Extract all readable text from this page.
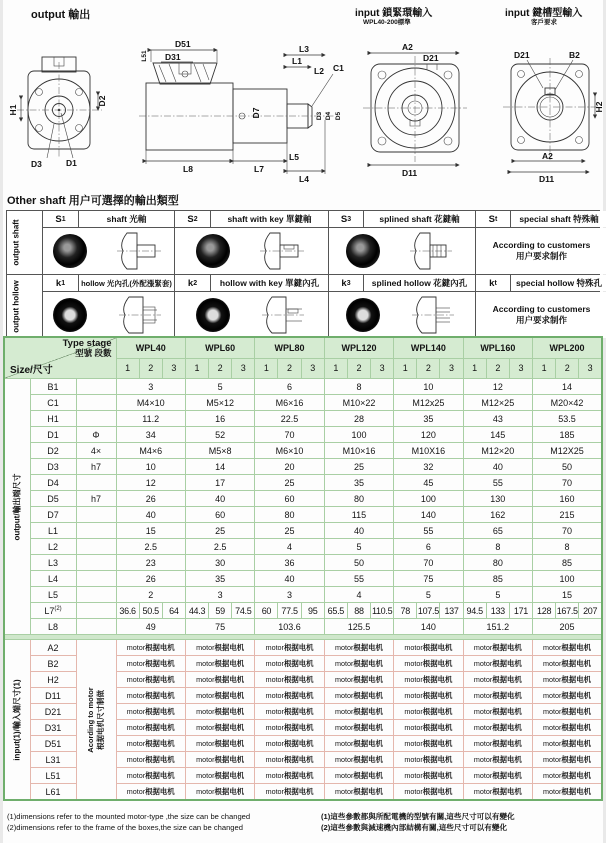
output 輸出	input 鎖緊環輸入
WPL40-200標準
input 鍵槽型輸入
客戶要求
H1
D2
D3	D1
D51
D31
L51
L3
L1
L2 C1
D7	D3 D4 D5
L8	L7
L5
L4
A2
D21
D11
D21	B2
H2
A2
D11
Other shaft 用户可選擇的輸出類型
output shaft
S 1	shaft 光軸	S 2	shaft with key 單鍵軸	S 3	splined shaft 花鍵軸	S t	special shaft 特殊軸
According to customers
用户要求制作
output hollow	k 1 hollow 光內孔(外配漲緊套) k 2	hollow with key 單鍵內孔	k 3	splined hollow 花鍵內孔	k t	special hollow 特殊孔
According to customers
用户要求制作
Type stage
型號 段數
Size/尺寸			WPL40			WPL60			WPL80			WPL120			WPL140			WPL160			WPL200		
			1	2	3	1	2	3	1	2	3	1	2	3	1	2	3	1	2	3	1	2	3

output/輸出端尺寸	B1		3			5			6			8			10			12			14		
	C1		M4×10			M5×12			M6×16			M10×22			M12x25			M12×25			M20×42		
	H1		11.2			16			22.5			28			35			43			53.5		
	D1	Φ	34			52			70			100			120			145			185		
	D2	4×	M4×6			M5×8			M6×10			M10×16			M10X16			M12×20			M12X25		
	D3	h7	10			14			20			25			32			40			50		
	D4		12			17			25			35			45			55			70		
	D5	h7	26			40			60			80			100			130			160		
	D7		40			60			80			115			140			162			215		
	L1		15			25			25			40			55			65			70		
	L2		2.5			2.5			4			5			6			8			8		
	L3		23			30			36			50			70			80			85		
	L4		26			35			40			55			75			85			100		
	L5		2			3			3			4			5			5			15		
	L7$^{(2)}$		36.6	50.5	64	44.3	59	74.5	60	77.5	95	65.5	88	110.5	78	107.5	137	94.5	133	171	128	167.5	207
	L8		49			75			103.6			125.5			140			151.2			205		

input(1)/輸入端尺寸(1)	A2	Acording to motor 根据电机尺寸制做	motor根据电机			motor根据电机			motor根据电机			motor根据电机			motor根据电机			motor根据电机			motor根据电机		
	B2		motor根据电机			motor根据电机			motor根据电机			motor根据电机			motor根据电机			motor根据电机			motor根据电机		
	H2		motor根据电机			motor根据电机			motor根据电机			motor根据电机			motor根据电机			motor根据电机			motor根据电机		
	D11		motor根据电机			motor根据电机			motor根据电机			motor根据电机			motor根据电机			motor根据电机			motor根据电机		
	D21		motor根据电机			motor根据电机			motor根据电机			motor根据电机			motor根据电机			motor根据电机			motor根据电机		
	D31		motor根据电机			motor根据电机			motor根据电机			motor根据电机			motor根据电机			motor根据电机			motor根据电机		
	D51		motor根据电机			motor根据电机			motor根据电机			motor根据电机			motor根据电机			motor根据电机			motor根据电机		
	L31		motor根据电机			motor根据电机			motor根据电机			motor根据电机			motor根据电机			motor根据电机			motor根据电机		
	L51		motor根据电机			motor根据电机			motor根据电机			motor根据电机			motor根据电机			motor根据电机			motor根据电机		
	L61		motor根据电机			motor根据电机			motor根据电机			motor根据电机			motor根据电机			motor根据电机			motor根据电机		
(1)dimensions refer to the mounted motor-type ,the size can be changed
(2)dimensions refer to the frame of the boxes,the size can be changed
(1)這些參數都與所配電機的型號有關,這些尺寸可以有變化
(2)這些參數與減速機內部結構有關,這些尺寸可以有變化
